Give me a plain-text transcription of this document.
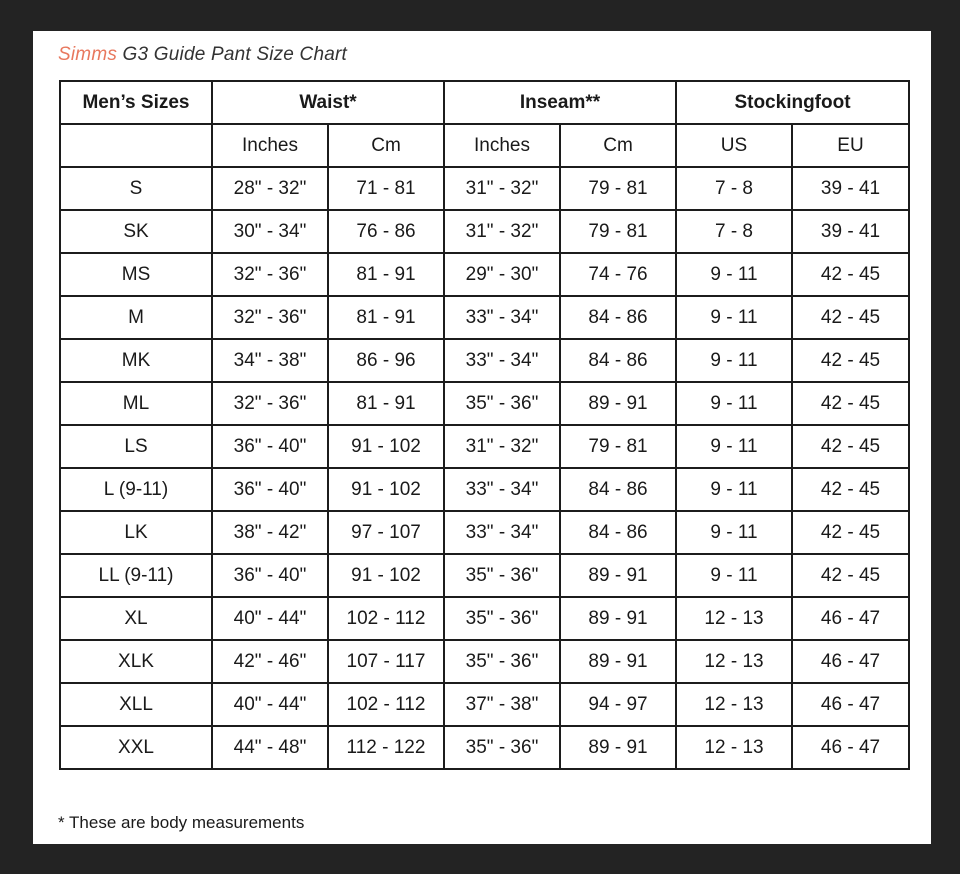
Simms G3 Guide Pant Size Chart
Men’s Sizes	Waist*		Inseam**		Stockingfoot	
	Inches	Cm	Inches	Cm	US	EU
S	28" - 32"	71 - 81	31" - 32"	79 - 81	7 - 8	39 - 41
SK	30" - 34"	76 - 86	31" - 32"	79 - 81	7 - 8	39 - 41
MS	32" - 36"	81 - 91	29" - 30"	74 - 76	9 - 11	42 - 45
M	32" - 36"	81 - 91	33" - 34"	84 - 86	9 - 11	42 - 45
MK	34" - 38"	86 - 96	33" - 34"	84 - 86	9 - 11	42 - 45
ML	32" - 36"	81 - 91	35" - 36"	89 - 91	9 - 11	42 - 45
LS	36" - 40"	91 - 102	31" - 32"	79 - 81	9 - 11	42 - 45
L (9-11)	36" - 40"	91 - 102	33" - 34"	84 - 86	9 - 11	42 - 45
LK	38" - 42"	97 - 107	33" - 34"	84 - 86	9 - 11	42 - 45
LL (9-11)	36" - 40"	91 - 102	35" - 36"	89 - 91	9 - 11	42 - 45
XL	40" - 44"	102 - 112	35" - 36"	89 - 91	12 - 13	46 - 47
XLK	42" - 46"	107 - 117	35" - 36"	89 - 91	12 - 13	46 - 47
XLL	40" - 44"	102 - 112	37" - 38"	94 - 97	12 - 13	46 - 47
XXL	44" - 48"	112 - 122	35" - 36"	89 - 91	12 - 13	46 - 47
* These are body measurements
